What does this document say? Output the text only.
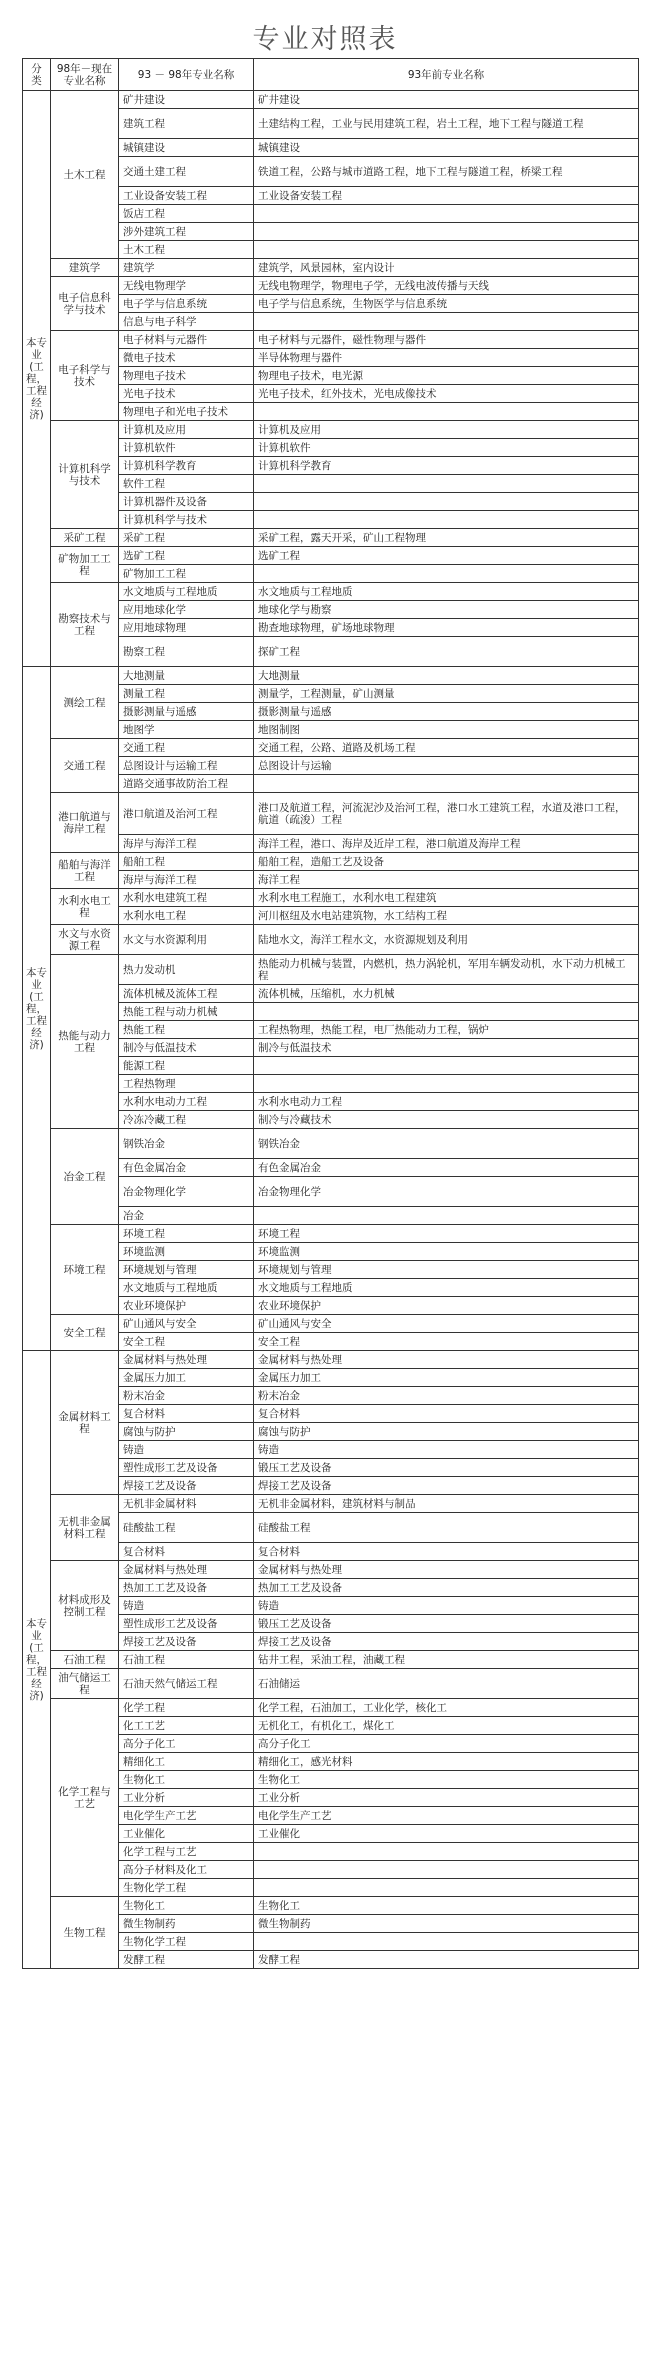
专业对照表
分类	98年－现在专业名称	93 － 98年专业名称	93年前专业名称
本专业(工程，工程经济)	土木工程	矿井建设	矿井建设
		建筑工程	土建结构工程，工业与民用建筑工程，岩土工程，地下工程与隧道工程
		城镇建设	城镇建设
		交通土建工程	铁道工程，公路与城市道路工程，地下工程与隧道工程，桥梁工程
		工业设备安装工程	工业设备安装工程
		饭店工程	
		涉外建筑工程	
		土木工程	
	建筑学	建筑学	建筑学，风景园林，室内设计
	电子信息科学与技术	无线电物理学	无线电物理学，物理电子学，无线电波传播与天线
		电子学与信息系统	电子学与信息系统，生物医学与信息系统
		信息与电子科学	
	电子科学与技术	电子材料与元器件	电子材料与元器件，磁性物理与器件
		微电子技术	半导体物理与器件
		物理电子技术	物理电子技术，电光源
		光电子技术	光电子技术，红外技术，光电成像技术
		物理电子和光电子技术	
	计算机科学与技术	计算机及应用	计算机及应用
		计算机软件	计算机软件
		计算机科学教育	计算机科学教育
		软件工程	
		计算机器件及设备	
		计算机科学与技术	
	采矿工程	采矿工程	采矿工程，露天开采，矿山工程物理
	矿物加工工程	选矿工程	选矿工程
		矿物加工工程	
	勘察技术与工程	水文地质与工程地质	水文地质与工程地质
		应用地球化学	地球化学与勘察
		应用地球物理	勘查地球物理，矿场地球物理
		勘察工程	探矿工程
本专业(工程，工程经济)	测绘工程	大地测量	大地测量
		测量工程	测量学，工程测量，矿山测量
		摄影测量与遥感	摄影测量与遥感
		地图学	地图制图
	交通工程	交通工程	交通工程，公路、道路及机场工程
		总图设计与运输工程	总图设计与运输
		道路交通事故防治工程	
	港口航道与海岸工程	港口航道及治河工程	港口及航道工程，河流泥沙及治河工程，港口水工建筑工程，水道及港口工程，航道（疏浚）工程
		海岸与海洋工程	海洋工程，港口、海岸及近岸工程，港口航道及海岸工程
	船舶与海洋工程	船舶工程	船舶工程，造船工艺及设备
		海岸与海洋工程	海洋工程
	水利水电工程	水利水电建筑工程	水利水电工程施工，水利水电工程建筑
		水利水电工程	河川枢纽及水电站建筑物，水工结构工程
	水文与水资源工程	水文与水资源利用	陆地水文，海洋工程水文，水资源规划及利用
	热能与动力工程	热力发动机	热能动力机械与装置，内燃机，热力涡轮机，军用车辆发动机，水下动力机械工程
		流体机械及流体工程	流体机械，压缩机，水力机械
		热能工程与动力机械	
		热能工程	工程热物理，热能工程，电厂热能动力工程，锅炉
		制冷与低温技术	制冷与低温技术
		能源工程	
		工程热物理	
		水利水电动力工程	水利水电动力工程
		冷冻冷藏工程	制冷与冷藏技术
	冶金工程	钢铁冶金	钢铁冶金
		有色金属冶金	有色金属冶金
		冶金物理化学	冶金物理化学
		冶金	
	环境工程	环境工程	环境工程
		环境监测	环境监测
		环境规划与管理	环境规划与管理
		水文地质与工程地质	水文地质与工程地质
		农业环境保护	农业环境保护
	安全工程	矿山通风与安全	矿山通风与安全
		安全工程	安全工程
本专业(工程，工程经济)	金属材料工程	金属材料与热处理	金属材料与热处理
		金属压力加工	金属压力加工
		粉末冶金	粉末冶金
		复合材料	复合材料
		腐蚀与防护	腐蚀与防护
		铸造	铸造
		塑性成形工艺及设备	锻压工艺及设备
		焊接工艺及设备	焊接工艺及设备
	无机非金属材料工程	无机非金属材料	无机非金属材料，建筑材料与制品
		硅酸盐工程	硅酸盐工程
		复合材料	复合材料
	材料成形及控制工程	金属材料与热处理	金属材料与热处理
		热加工工艺及设备	热加工工艺及设备
		铸造	铸造
		塑性成形工艺及设备	锻压工艺及设备
		焊接工艺及设备	焊接工艺及设备
	石油工程	石油工程	钻井工程，采油工程，油藏工程
	油气储运工程	石油天然气储运工程	石油储运
	化学工程与工艺	化学工程	化学工程，石油加工，工业化学，核化工
		化工工艺	无机化工，有机化工，煤化工
		高分子化工	高分子化工
		精细化工	精细化工，感光材料
		生物化工	生物化工
		工业分析	工业分析
		电化学生产工艺	电化学生产工艺
		工业催化	工业催化
		化学工程与工艺	
		高分子材料及化工	
		生物化学工程	
	生物工程	生物化工	生物化工
		微生物制药	微生物制药
		生物化学工程	
		发酵工程	发酵工程
